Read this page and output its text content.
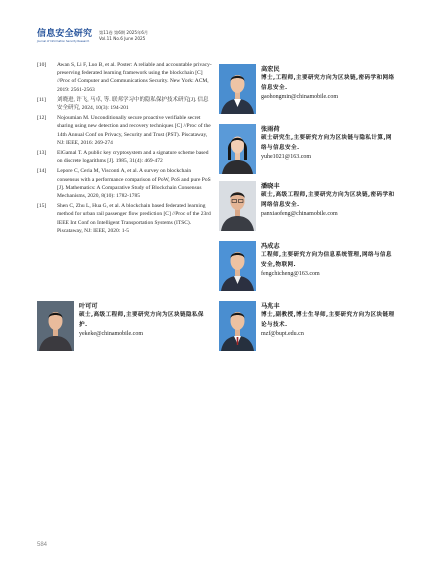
信息安全研究
Journal of Information Security Research
第11卷 第6期 2025年6月
Vol.11 No.6 June 2025
[10] Awan S, Li F, Luo B, et al. Poster: A reliable and accountable privacy-preserving federated learning framework using the blockchain [C] //Proc of Computer and Communications Security. New York: ACM, 2019: 2561-2563
[11] 刘晓进, 许飞, 马卓, 等. 联邦学习中的隐私保护技术研究[J]. 信息安全研究, 2024, 10(3): 194-201
[12] Nojoumian M. Unconditionally secure proactive verifiable secret sharing using new detection and recovery techniques [C] //Proc of the 14th Annual Conf on Privacy, Security and Trust (PST). Piscataway, NJ: IEEE, 2016: 269-274
[13] ElGamal T. A public key cryptosystem and a signature scheme based on discrete logarithms [J]. 1985, 31(4): 469-472
[14] Lepore C, Ceria M, Visconti A, et al. A survey on blockchain consensus with a performance comparison of PoW, PoS and pure PoS [J]. Mathematics: A Comparative Study of Blockchain Consensus Mechanisms, 2020, 8(10): 1782-1785
[15] Shen C, Zhu L, Hua G, et al. A blockchain based federated learning method for urban rail passenger flow prediction [C] //Proc of the 23rd IEEE Int Conf on Intelligent Transportation Systems (ITSC). Piscataway, NJ: IEEE, 2020: 1-5
高宏民
博士,工程师,主要研究方向为区块链,密码学和网络信息安全.
gaohongmin@chinamobile.com
张雨荷
硕士研究生,主要研究方向为区块链与隐私计算,网络与信息安全.
yuhe1021@163.com
潘晓丰
硕士,高级工程师,主要研究方向为区块链,密码学和网络信息安全.
panxiaofeng@chinamobile.com
冯成志
工程师,主要研究方向为信息系统管理,网络与信息安全,物联网.
fengchicheng@163.com
叶可可
硕士,高级工程师,主要研究方向为区块链隐私保护.
yekeke@chinamobile.com
马兆丰
博士,副教授,博士生导师,主要研究方向为区块链理论与技术.
mzf@bupt.edu.cn
584
